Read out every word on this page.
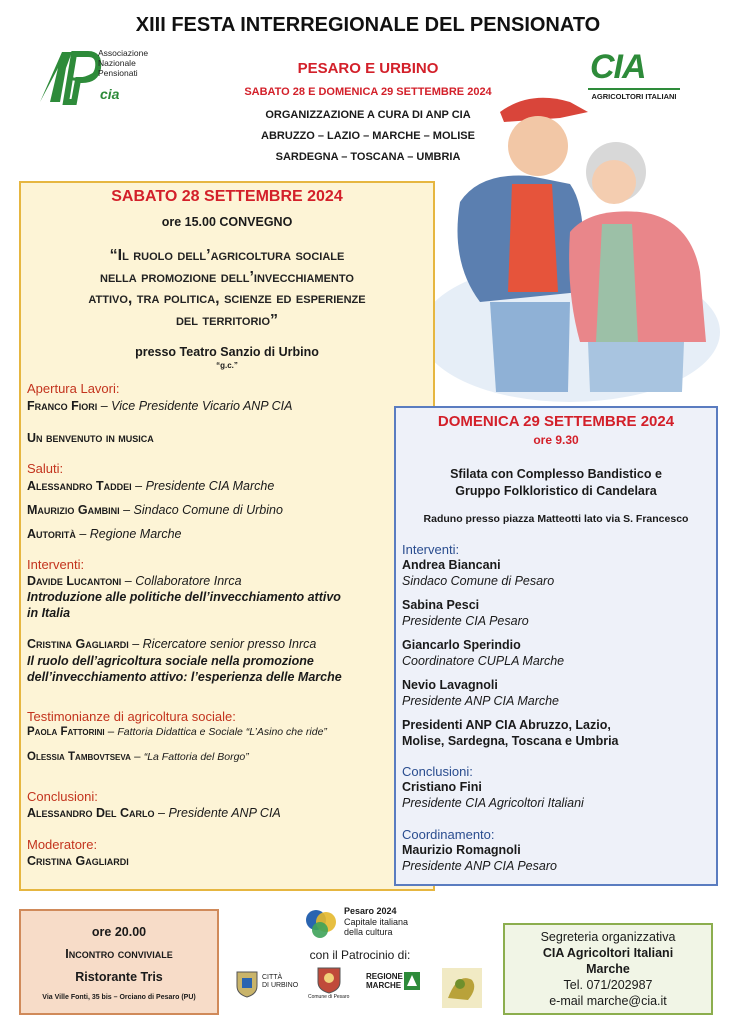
XIII FESTA INTERREGIONALE DEL PENSIONATO
Associazione
Nazionale
Pensionati
cia
CIA
AGRICOLTORI ITALIANI
PESARO E URBINO
SABATO 28 E DOMENICA 29 SETTEMBRE 2024
ORGANIZZAZIONE A CURA DI ANP CIA
ABRUZZO – LAZIO – MARCHE – MOLISE
SARDEGNA – TOSCANA – UMBRIA
SABATO 28 SETTEMBRE 2024
ore 15.00 CONVEGNO
“Il ruolo dell’agricoltura sociale
nella promozione dell’invecchiamento
attivo, tra politica, scienze ed esperienze
del territorio”
presso Teatro Sanzio di Urbino
“g.c.”
Apertura Lavori:
Franco Fiori – Vice Presidente Vicario ANP CIA
Un benvenuto in musica
Saluti:
Alessandro Taddei – Presidente CIA Marche
Maurizio Gambini – Sindaco Comune di Urbino
Autorità – Regione Marche
Interventi:
Davide Lucantoni – Collaboratore Inrca
Introduzione alle politiche dell’invecchiamento attivo
in Italia
Cristina Gagliardi – Ricercatore senior presso Inrca
Il ruolo dell’agricoltura sociale nella promozione
dell’invecchiamento attivo: l’esperienza delle Marche
Testimonianze di agricoltura sociale:
Paola Fattorini – Fattoria Didattica e Sociale “L’Asino che ride”
Olessia Tambovtseva – “La Fattoria del Borgo”
Conclusioni:
Alessandro Del Carlo – Presidente ANP CIA
Moderatore:
Cristina Gagliardi
DOMENICA 29 SETTEMBRE 2024
ore 9.30
Sfilata con Complesso Bandistico e
Gruppo Folkloristico di Candelara
Raduno presso piazza Matteotti lato via S. Francesco
Interventi:
Andrea Biancani
Sindaco Comune di Pesaro
Sabina Pesci
Presidente CIA Pesaro
Giancarlo Sperindio
Coordinatore CUPLA Marche
Nevio Lavagnoli
Presidente ANP CIA Marche
Presidenti ANP CIA Abruzzo, Lazio,
Molise, Sardegna, Toscana e Umbria
Conclusioni:
Cristiano Fini
Presidente CIA Agricoltori Italiani
Coordinamento:
Maurizio Romagnoli
Presidente ANP CIA Pesaro
ore 20.00
Incontro conviviale
Ristorante Tris
Via Ville Fonti, 35 bis – Orciano di Pesaro (PU)
Pesaro 2024
Capitale italiana
della cultura
con il Patrocinio di:
CITTÀ
DI URBINO
Comune di Pesaro
REGIONE
MARCHE
Segreteria organizzativa
CIA Agricoltori Italiani
Marche
Tel. 071/202987
e-mail marche@cia.it
